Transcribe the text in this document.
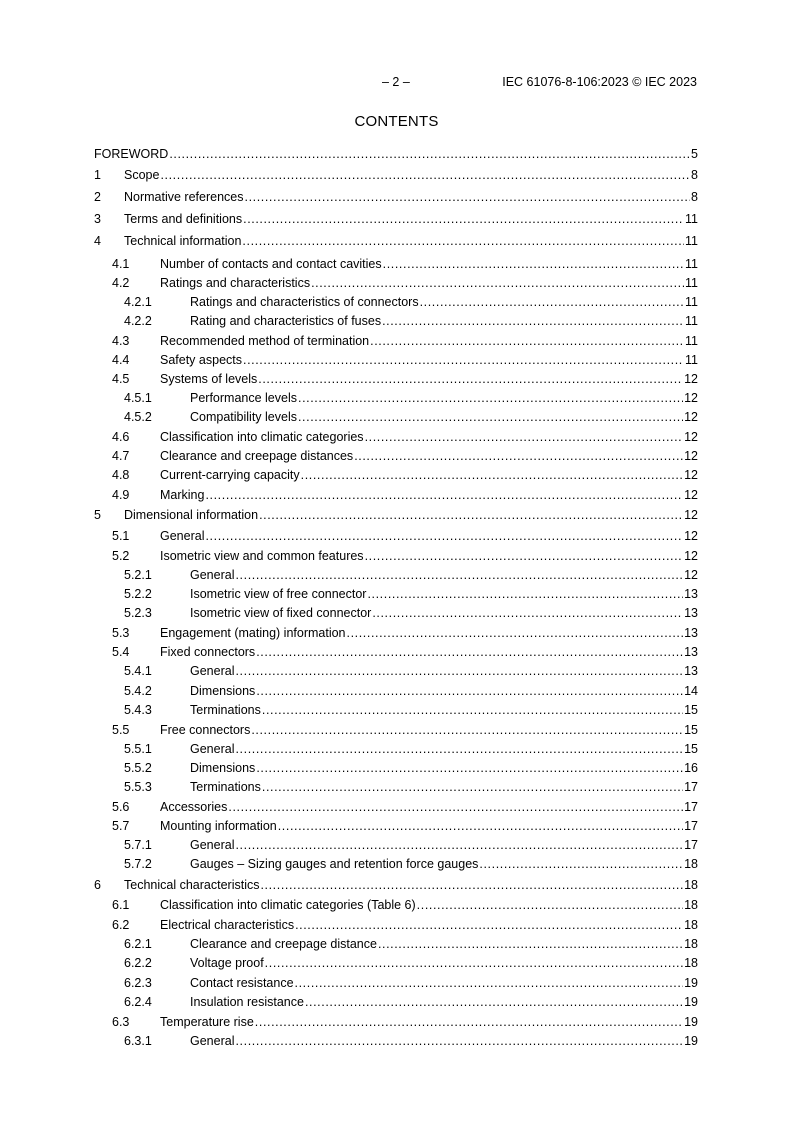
– 2 –	IEC 61076-8-106:2023 © IEC 2023
CONTENTS
FOREWORD .....	5
1 Scope .....	8
2 Normative references .....	8
3 Terms and definitions .....	11
4 Technical information .....	11
4.1 Number of contacts and contact cavities .....	11
4.2 Ratings and characteristics .....	11
4.2.1	Ratings and characteristics of connectors .....	11
4.2.2	Rating and characteristics of fuses .....	11
4.3 Recommended method of termination .....	11
4.4 Safety aspects .....	11
4.5 Systems of levels .....	12
4.5.1	Performance levels .....	12
4.5.2	Compatibility levels .....	12
4.6 Classification into climatic categories .....	12
4.7 Clearance and creepage distances .....	12
4.8 Current-carrying capacity .....	12
4.9 Marking .....	12
5 Dimensional information .....	12
5.1 General .....	12
5.2 Isometric view and common features .....	12
5.2.1	General .....	12
5.2.2	Isometric view of free connector .....	13
5.2.3	Isometric view of fixed connector .....	13
5.3 Engagement (mating) information .....	13
5.4 Fixed connectors .....	13
5.4.1	General .....	13
5.4.2	Dimensions .....	14
5.4.3	Terminations .....	15
5.5 Free connectors .....	15
5.5.1	General .....	15
5.5.2	Dimensions .....	16
5.5.3	Terminations .....	17
5.6 Accessories .....	17
5.7 Mounting information .....	17
5.7.1	General .....	17
5.7.2	Gauges – Sizing gauges and retention force gauges .....	18
6 Technical characteristics .....	18
6.1 Classification into climatic categories (Table 6) .....	18
6.2 Electrical characteristics .....	18
6.2.1	Clearance and creepage distance .....	18
6.2.2	Voltage proof .....	18
6.2.3	Contact resistance .....	19
6.2.4	Insulation resistance .....	19
6.3 Temperature rise .....	19
6.3.1	General .....	19
